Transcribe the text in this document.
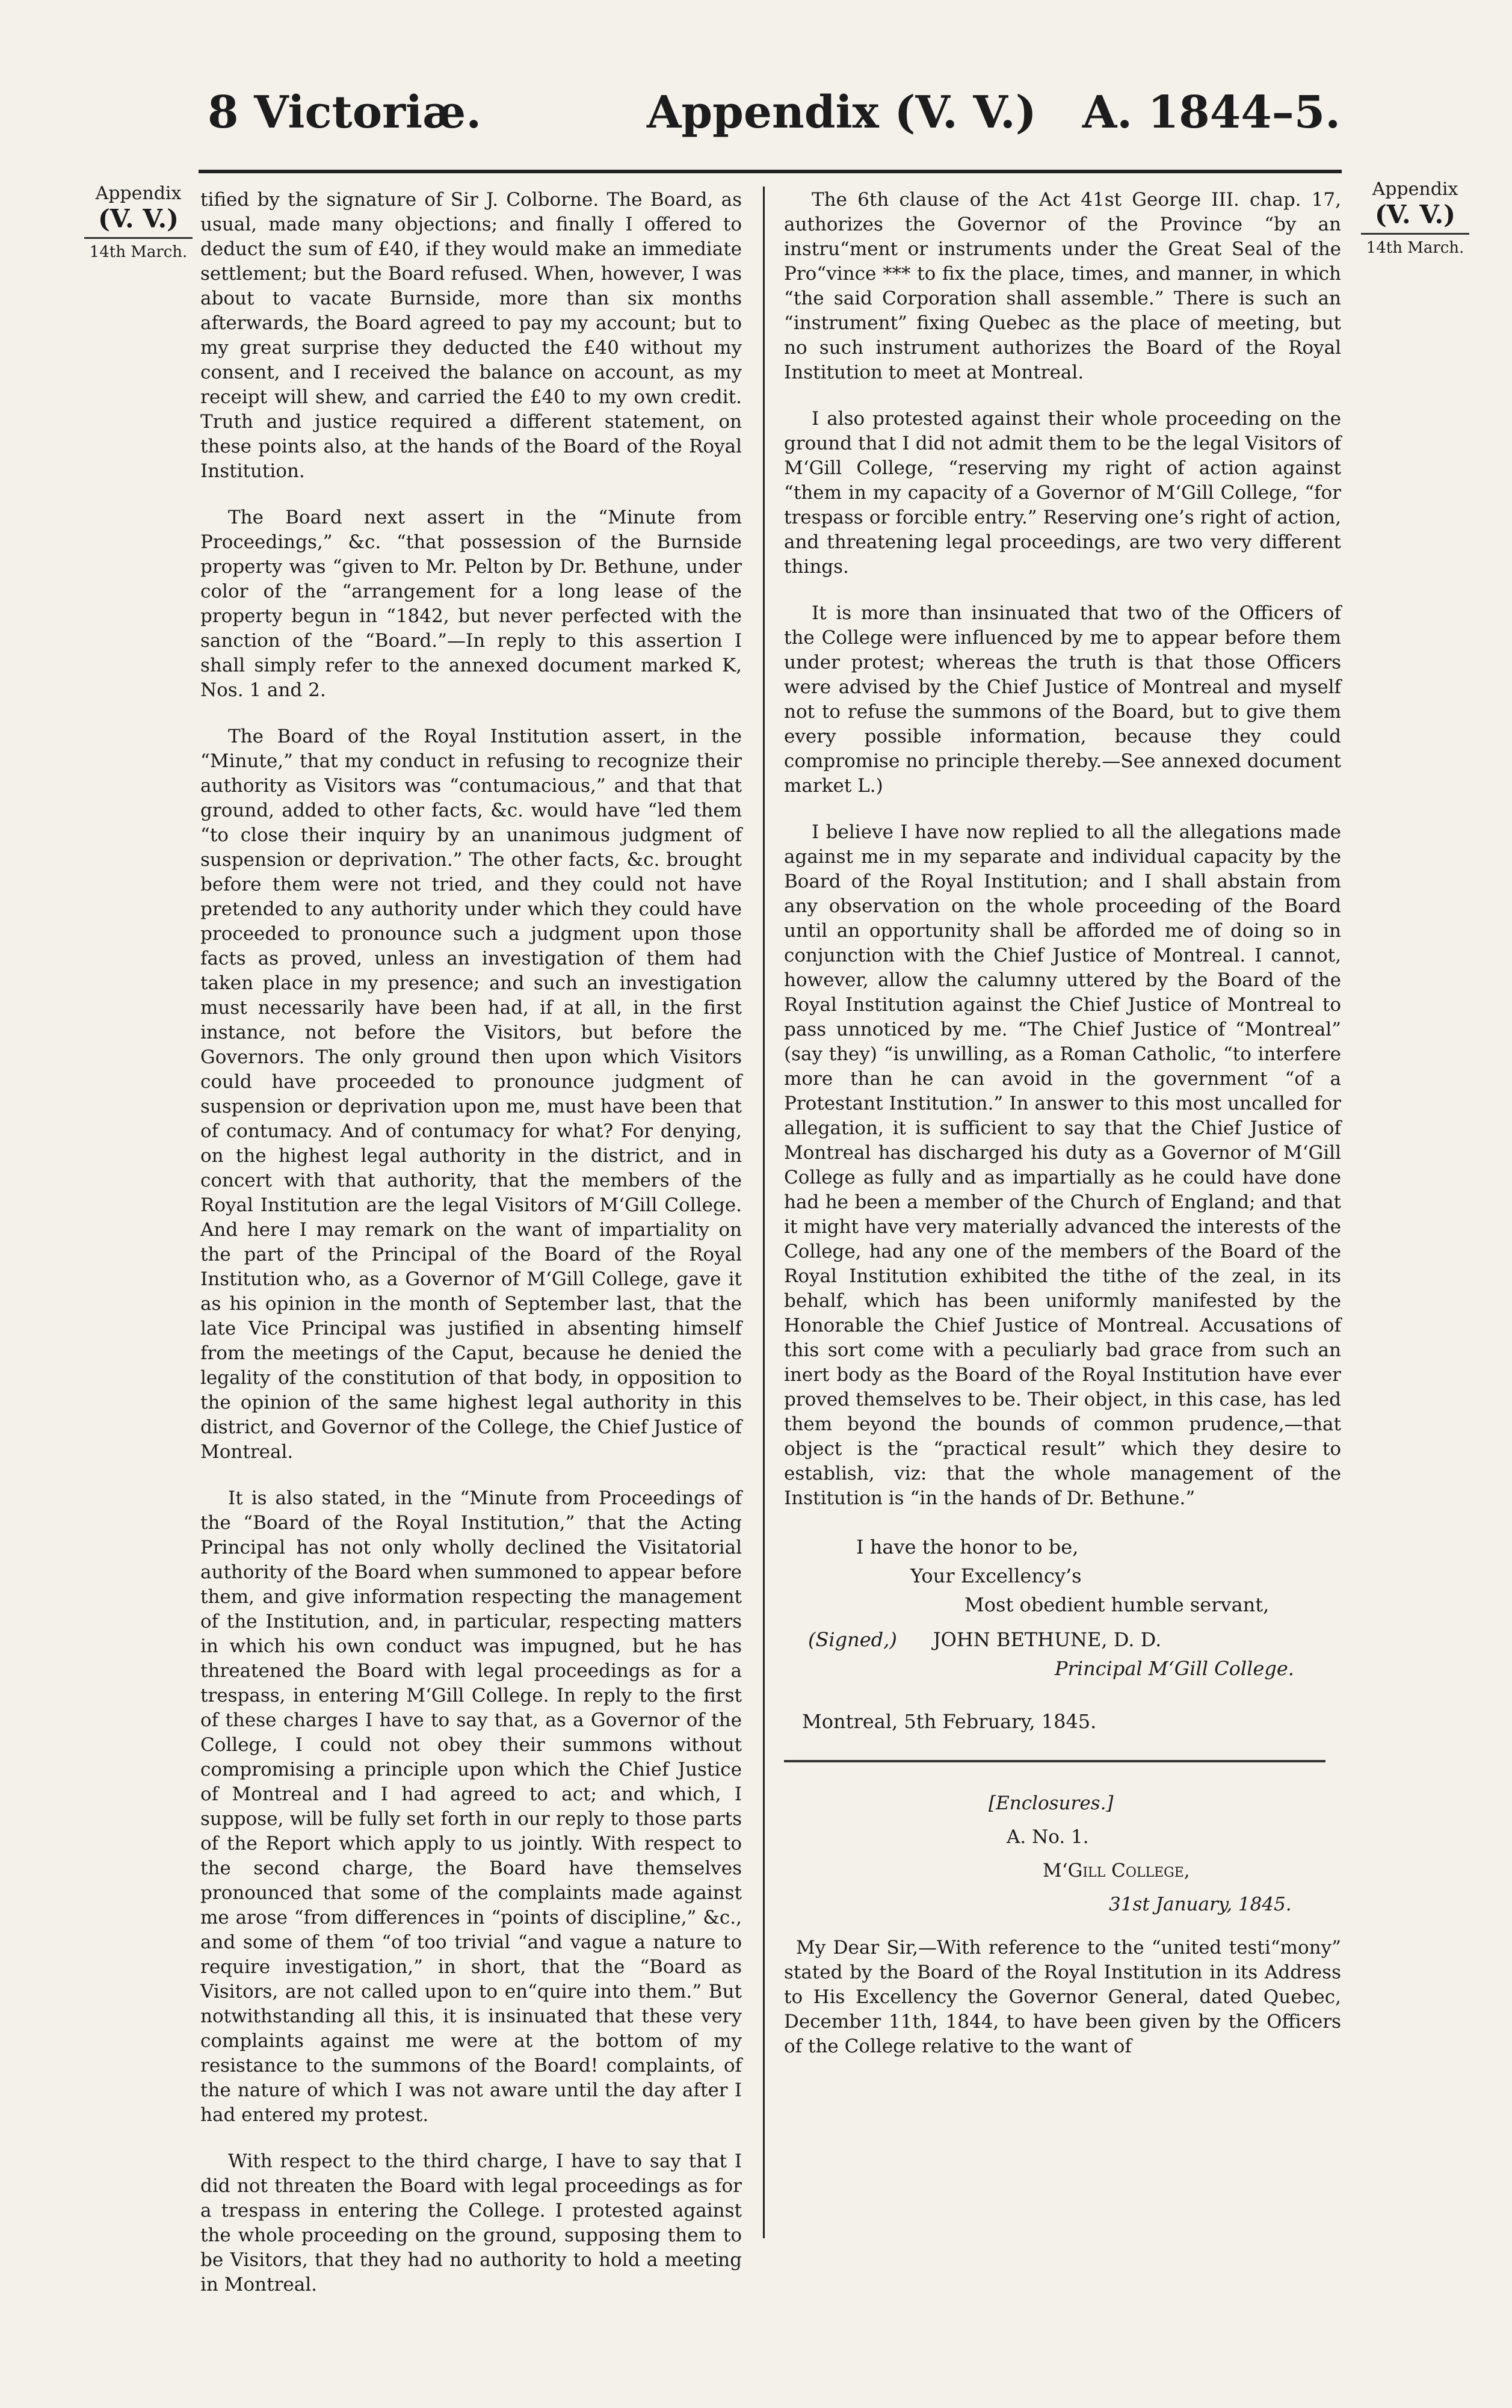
8 Victoriæ.	Appendix (V. V.) A. 1844–5.
Appendix
(V. V.)
14th March.
Appendix
(V. V.)
14th March.

tified by the signature of Sir J. Colborne. The Board, as usual, made many objections; and finally I offered to deduct the sum of £40, if they would make an immediate settlement; but the Board refused. When, however, I was about to vacate Burnside, more than six months afterwards, the Board agreed to pay my account; but to my great surprise they deducted the £40 without my consent, and I received the balance on account, as my receipt will shew, and carried the £40 to my own credit. Truth and justice required a different statement, on these points also, at the hands of the Board of the Royal Institution.

The Board next assert in the “Minute from Proceedings,” &c. “that possession of the Burnside property was “given to Mr. Pelton by Dr. Bethune, under color of the “arrangement for a long lease of the property begun in “1842, but never perfected with the sanction of the “Board.”—In reply to this assertion I shall simply refer to the annexed document marked K, Nos. 1 and 2.

The Board of the Royal Institution assert, in the “Minute,” that my conduct in refusing to recognize their authority as Visitors was “contumacious,” and that that ground, added to other facts, &c. would have “led them “to close their inquiry by an unanimous judgment of suspension or deprivation.” The other facts, &c. brought before them were not tried, and they could not have pretended to any authority under which they could have proceeded to pronounce such a judgment upon those facts as proved, unless an investigation of them had taken place in my presence; and such an investigation must necessarily have been had, if at all, in the first instance, not before the Visitors, but before the Governors. The only ground then upon which Visitors could have proceeded to pronounce judgment of suspension or deprivation upon me, must have been that of contumacy. And of contumacy for what? For denying, on the highest legal authority in the district, and in concert with that authority, that the members of the Royal Institution are the legal Visitors of M‘Gill College. And here I may remark on the want of impartiality on the part of the Principal of the Board of the Royal Institution who, as a Governor of M‘Gill College, gave it as his opinion in the month of September last, that the late Vice Principal was justified in absenting himself from the meetings of the Caput, because he denied the legality of the constitution of that body, in opposition to the opinion of the same highest legal authority in this district, and Governor of the College, the Chief Justice of Montreal.

It is also stated, in the “Minute from Proceedings of the “Board of the Royal Institution,” that the Acting Principal has not only wholly declined the Visitatorial authority of the Board when summoned to appear before them, and give information respecting the management of the Institution, and, in particular, respecting matters in which his own conduct was impugned, but he has threatened the Board with legal proceedings as for a trespass, in entering M‘Gill College. In reply to the first of these charges I have to say that, as a Governor of the College, I could not obey their summons without compromising a principle upon which the Chief Justice of Montreal and I had agreed to act; and which, I suppose, will be fully set forth in our reply to those parts of the Report which apply to us jointly. With respect to the second charge, the Board have themselves pronounced that some of the complaints made against me arose “from differences in “points of discipline,” &c., and some of them “of too trivial “and vague a nature to require investigation,” in short, that the “Board as Visitors, are not called upon to en“quire into them.” But notwithstanding all this, it is insinuated that these very complaints against me were at the bottom of my resistance to the summons of the Board! complaints, of the nature of which I was not aware until the day after I had entered my protest.

With respect to the third charge, I have to say that I did not threaten the Board with legal proceedings as for a trespass in entering the College. I protested against the whole proceeding on the ground, supposing them to be Visitors, that they had no authority to hold a meeting in Montreal.

The 6th clause of the Act 41st George III. chap. 17, authorizes the Governor of the Province “by an instru“ment or instruments under the Great Seal of the Pro“vince *** to fix the place, times, and manner, in which “the said Corporation shall assemble.” There is such an “instrument” fixing Quebec as the place of meeting, but no such instrument authorizes the Board of the Royal Institution to meet at Montreal.

I also protested against their whole proceeding on the ground that I did not admit them to be the legal Visitors of M‘Gill College, “reserving my right of action against “them in my capacity of a Governor of M‘Gill College, “for trespass or forcible entry.” Reserving one’s right of action, and threatening legal proceedings, are two very different things.

It is more than insinuated that two of the Officers of the College were influenced by me to appear before them under protest; whereas the truth is that those Officers were advised by the Chief Justice of Montreal and myself not to refuse the summons of the Board, but to give them every possible information, because they could compromise no principle thereby.—See annexed document market L.)

I believe I have now replied to all the allegations made against me in my separate and individual capacity by the Board of the Royal Institution; and I shall abstain from any observation on the whole proceeding of the Board until an opportunity shall be afforded me of doing so in conjunction with the Chief Justice of Montreal. I cannot, however, allow the calumny uttered by the Board of the Royal Institution against the Chief Justice of Montreal to pass unnoticed by me. “The Chief Justice of “Montreal” (say they) “is unwilling, as a Roman Catholic, “to interfere more than he can avoid in the government “of a Protestant Institution.” In answer to this most uncalled for allegation, it is sufficient to say that the Chief Justice of Montreal has discharged his duty as a Governor of M‘Gill College as fully and as impartially as he could have done had he been a member of the Church of England; and that it might have very materially advanced the interests of the College, had any one of the members of the Board of the Royal Institution exhibited the tithe of the zeal, in its behalf, which has been uniformly manifested by the Honorable the Chief Justice of Montreal. Accusations of this sort come with a peculiarly bad grace from such an inert body as the Board of the Royal Institution have ever proved themselves to be. Their object, in this case, has led them beyond the bounds of common prudence,—that object is the “practical result” which they desire to establish, viz: that the whole management of the Institution is “in the hands of Dr. Bethune.”

I have the honor to be,
Your Excellency’s
Most obedient humble servant,
(Signed,) JOHN BETHUNE, D. D.
Principal M‘Gill College.
Montreal, 5th February, 1845.
[Enclosures.]
A. No. 1.
M‘Gill College,
31st January, 1845.

My Dear Sir,—With reference to the “united testi“mony” stated by the Board of the Royal Institution in its Address to His Excellency the Governor General, dated Quebec, December 11th, 1844, to have been given by the Officers of the College relative to the want of
